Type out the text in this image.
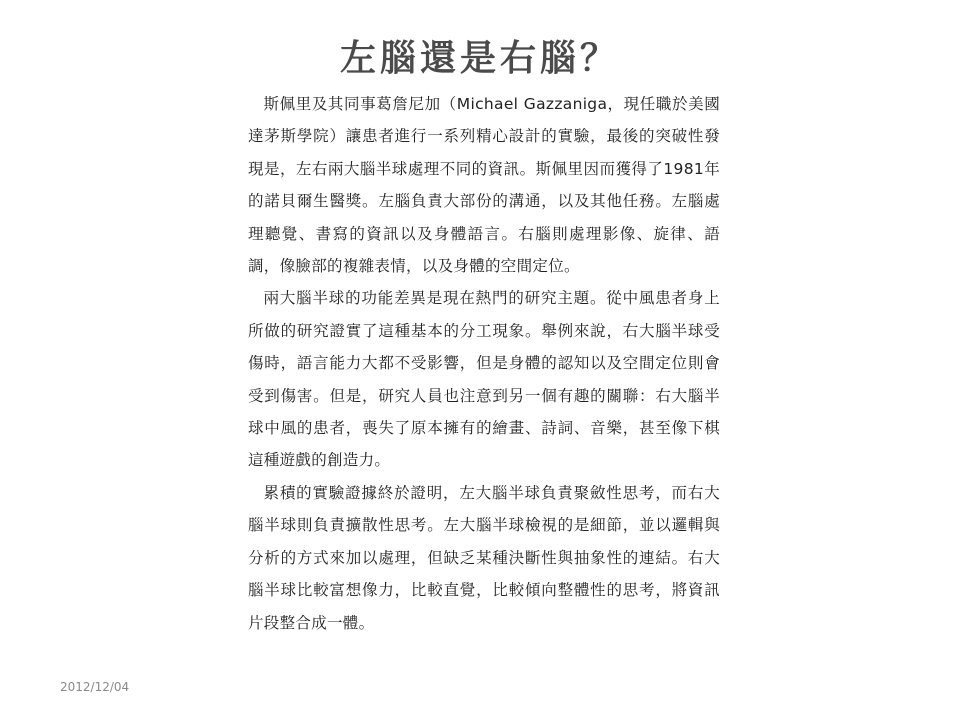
左腦還是右腦？

斯佩里及其同事葛詹尼加（Michael Gazzaniga，現任職於美國達茅斯學院）讓患者進行一系列精心設計的實驗，最後的突破性發現是，左右兩大腦半球處理不同的資訊。斯佩里因而獲得了1981年的諾貝爾生醫獎。左腦負責大部份的溝通，以及其他任務。左腦處理聽覺、書寫的資訊以及身體語言。右腦則處理影像、旋律、語調，像臉部的複雜表情，以及身體的空間定位。

兩大腦半球的功能差異是現在熱門的研究主題。從中風患者身上所做的研究證實了這種基本的分工現象。舉例來說，右大腦半球受傷時，語言能力大都不受影響，但是身體的認知以及空間定位則會受到傷害。但是，研究人員也注意到另一個有趣的關聯：右大腦半球中風的患者，喪失了原本擁有的繪畫、詩詞、音樂，甚至像下棋這種遊戲的創造力。

累積的實驗證據終於證明，左大腦半球負責聚斂性思考，而右大腦半球則負責擴散性思考。左大腦半球檢視的是細節，並以邏輯與分析的方式來加以處理，但缺乏某種決斷性與抽象性的連結。右大腦半球比較富想像力，比較直覺，比較傾向整體性的思考，將資訊片段整合成一體。

2012/12/04
